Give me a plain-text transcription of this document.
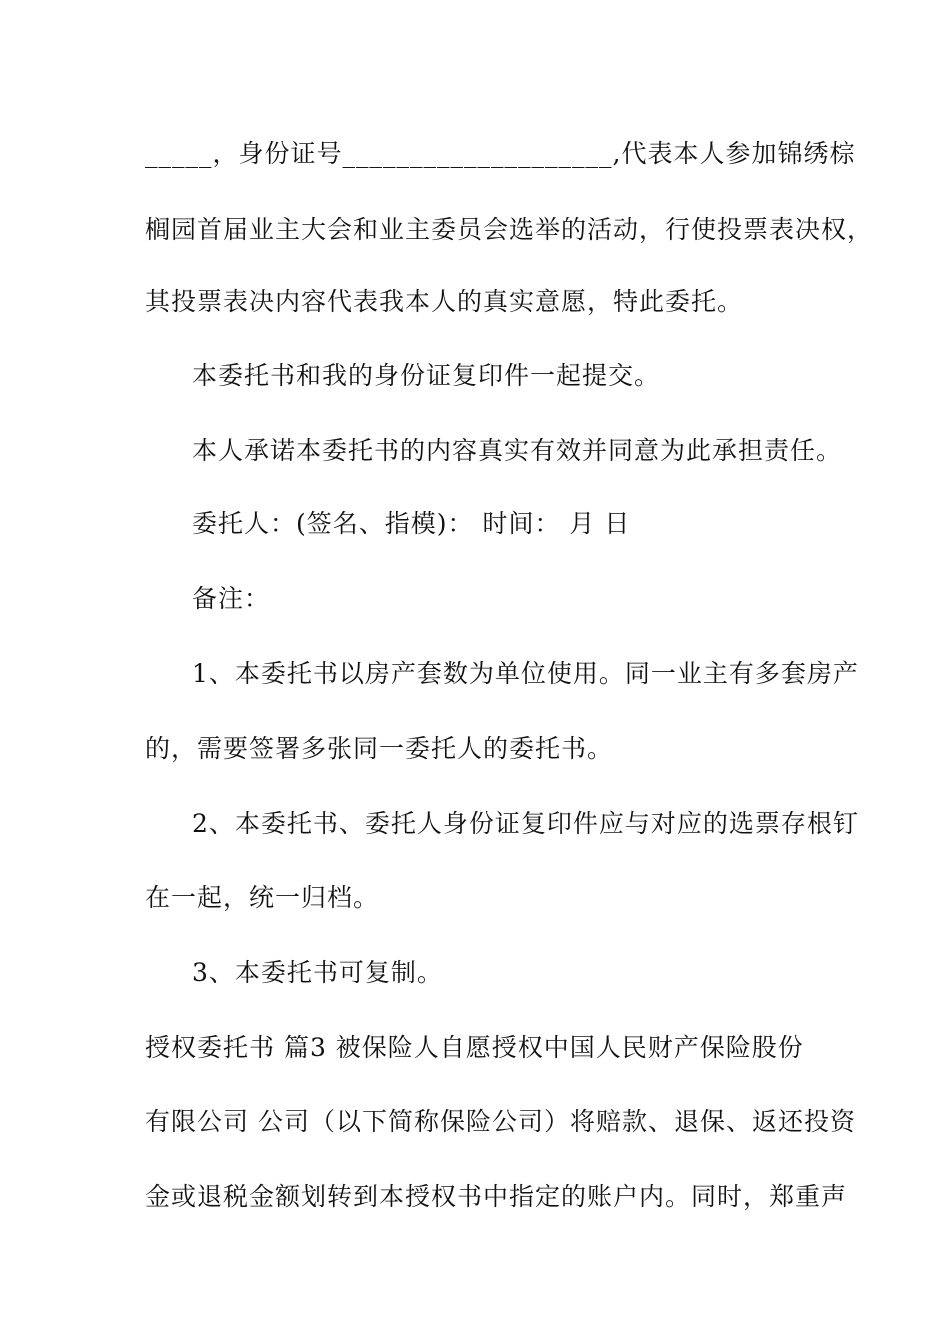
_____，身份证号____________________,代表本人参加锦绣棕
榈园首届业主大会和业主委员会选举的活动，行使投票表决权，
其投票表决内容代表我本人的真实意愿，特此委托。
本委托书和我的身份证复印件一起提交。
本人承诺本委托书的内容真实有效并同意为此承担责任。
委托人：(签名、指模)： 时间： 月 日
备注：
1、本委托书以房产套数为单位使用。同一业主有多套房产
的，需要签署多张同一委托人的委托书。
2、本委托书、委托人身份证复印件应与对应的选票存根钉
在一起，统一归档。
3、本委托书可复制。
授权委托书 篇3 被保险人自愿授权中国人民财产保险股份
有限公司 公司（以下简称保险公司）将赔款、退保、返还投资
金或退税金额划转到本授权书中指定的账户内。同时，郑重声
